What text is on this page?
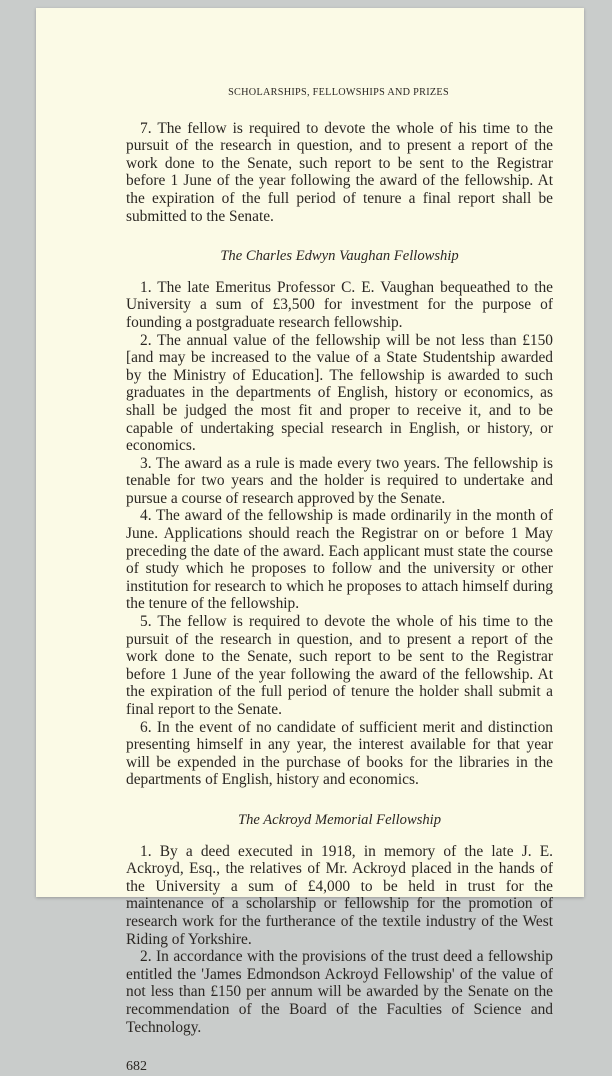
SCHOLARSHIPS, FELLOWSHIPS AND PRIZES

7. The fellow is required to devote the whole of his time to the pursuit of the research in question, and to present a report of the work done to the Senate, such report to be sent to the Registrar before 1 June of the year following the award of the fellowship. At the expiration of the full period of tenure a final report shall be submitted to the Senate.

The Charles Edwyn Vaughan Fellowship

1. The late Emeritus Professor C. E. Vaughan bequeathed to the University a sum of £3,500 for investment for the purpose of founding a postgraduate research fellowship.

2. The annual value of the fellowship will be not less than £150 [and may be increased to the value of a State Studentship awarded by the Ministry of Education]. The fellowship is awarded to such graduates in the departments of English, history or economics, as shall be judged the most fit and proper to receive it, and to be capable of undertaking special research in English, or history, or economics.

3. The award as a rule is made every two years. The fellowship is tenable for two years and the holder is required to undertake and pursue a course of research approved by the Senate.

4. The award of the fellowship is made ordinarily in the month of June. Applications should reach the Registrar on or before 1 May preceding the date of the award. Each applicant must state the course of study which he proposes to follow and the university or other institution for research to which he proposes to attach himself during the tenure of the fellowship.

5. The fellow is required to devote the whole of his time to the pursuit of the research in question, and to present a report of the work done to the Senate, such report to be sent to the Registrar before 1 June of the year following the award of the fellowship. At the expiration of the full period of tenure the holder shall submit a final report to the Senate.

6. In the event of no candidate of sufficient merit and distinction presenting himself in any year, the interest available for that year will be expended in the purchase of books for the libraries in the departments of English, history and economics.

The Ackroyd Memorial Fellowship

1. By a deed executed in 1918, in memory of the late J. E. Ackroyd, Esq., the relatives of Mr. Ackroyd placed in the hands of the University a sum of £4,000 to be held in trust for the maintenance of a scholarship or fellowship for the promotion of research work for the furtherance of the textile industry of the West Riding of Yorkshire.

2. In accordance with the provisions of the trust deed a fellowship entitled the 'James Edmondson Ackroyd Fellowship' of the value of not less than £150 per annum will be awarded by the Senate on the recommendation of the Board of the Faculties of Science and Technology.

682
